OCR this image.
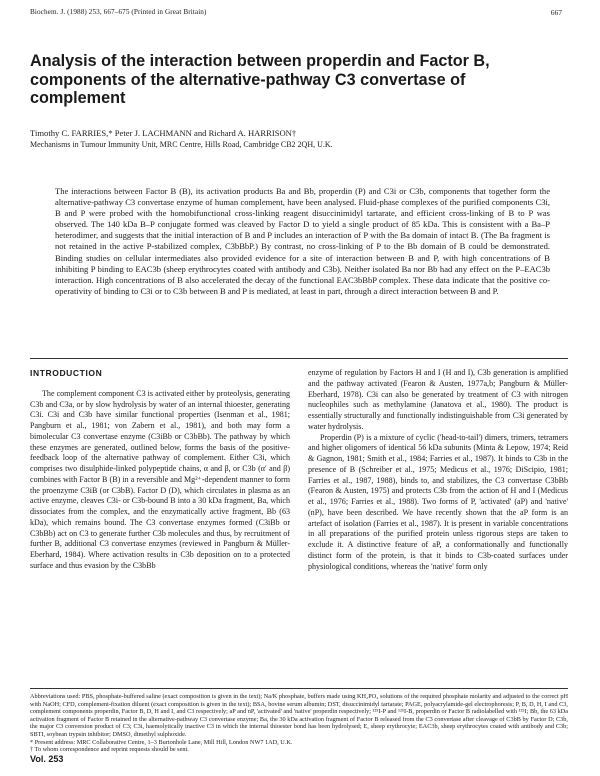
Biochem. J. (1988) 253, 667–675 (Printed in Great Britain)	667
Analysis of the interaction between properdin and Factor B, components of the alternative-pathway C3 convertase of complement
Timothy C. FARRIES,* Peter J. LACHMANN and Richard A. HARRISON†
Mechanisms in Tumour Immunity Unit, MRC Centre, Hills Road, Cambridge CB2 2QH, U.K.

The interactions between Factor B (B), its activation products Ba and Bb, properdin (P) and C3i or C3b, components that together form the alternative-pathway C3 convertase enzyme of human complement, have been analysed. Fluid-phase complexes of the purified components C3i, B and P were probed with the homobifunctional cross-linking reagent disuccinimidyl tartarate, and efficient cross-linking of B to P was observed. The 140 kDa B–P conjugate formed was cleaved by Factor D to yield a single product of 85 kDa. This is consistent with a Ba–P heterodimer, and suggests that the initial interaction of B and P includes an interaction of P with the Ba domain of intact B. (The Ba fragment is not retained in the active P-stabilized complex, C3bBbP.) By contrast, no cross-linking of P to the Bb domain of B could be demonstrated. Binding studies on cellular intermediates also provided evidence for a site of interaction between B and P, with high concentrations of B inhibiting P binding to EAC3b (sheep erythrocytes coated with antibody and C3b). Neither isolated Ba nor Bb had any effect on the P–EAC3b interaction. High concentrations of B also accelerated the decay of the functional EAC3bBbP complex. These data indicate that the positive co-operativity of binding to C3i or to C3b between B and P is mediated, at least in part, through a direct interaction between B and P.

INTRODUCTION

The complement component C3 is activated either by proteolysis, generating C3b and C3a, or by slow hydrolysis by water of an internal thioester, generating C3i. C3i and C3b have similar functional properties (Isenman et al., 1981; Pangburn et al., 1981; von Zabern et al., 1981), and both may form a bimolecular C3 convertase enzyme (C3iBb or C3bBb). The pathway by which these enzymes are generated, outlined below, forms the basis of the positive-feedback loop of the alternative pathway of complement. Either C3i, which comprises two disulphide-linked polypeptide chains, α and β, or C3b (α′ and β) combines with Factor B (B) in a reversible and Mg²⁺-dependent manner to form the proenzyme C3iB (or C3bB). Factor D (D), which circulates in plasma as an active enzyme, cleaves C3i- or C3b-bound B into a 30 kDa fragment, Ba, which dissociates from the complex, and the enzymatically active fragment, Bb (63 kDa), which remains bound. The C3 convertase enzymes formed (C3iBb or C3bBb) act on C3 to generate further C3b molecules and thus, by recruitment of further B, additional C3 convertase enzymes (reviewed in Pangburn & Müller-Eberhard, 1984). Where activation results in C3b deposition on to a protected surface and thus evasion by the C3bBb

enzyme of regulation by Factors H and I (H and I), C3b generation is amplified and the pathway activated (Fearon & Austen, 1977a,b; Pangburn & Müller-Eberhard, 1978). C3i can also be generated by treatment of C3 with nitrogen nucleophiles such as methylamine (Janatova et al., 1980). The product is essentially structurally and functionally indistinguishable from C3i generated by water hydrolysis.

Properdin (P) is a mixture of cyclic ('head-to-tail') dimers, trimers, tetramers and higher oligomers of identical 56 kDa subunits (Minta & Lepow, 1974; Reid & Gagnon, 1981; Smith et al., 1984; Farries et al., 1987). It binds to C3b in the presence of B (Schreiber et al., 1975; Medicus et al., 1976; DiScipio, 1981; Farries et al., 1987, 1988), binds to, and stabilizes, the C3 convertase C3bBb (Fearon & Austen, 1975) and protects C3b from the action of H and I (Medicus et al., 1976; Farries et al., 1988). Two forms of P, 'activated' (aP) and 'native' (nP), have been described. We have recently shown that the aP form is an artefact of isolation (Farries et al., 1987). It is present in variable concentrations in all preparations of the purified protein unless rigorous steps are taken to exclude it. A distinctive feature of aP, a conformationally and functionally distinct form of the protein, is that it binds to C3b-coated surfaces under physiological conditions, whereas the 'native' form only

Abbreviations used: PBS, phosphate-buffered saline (exact composition is given in the text); Na/K phosphate, buffers made using KH₂PO₄ solutions of the required phosphate molarity and adjusted to the correct pH with NaOH; CFD, complement-fixation diluent (exact composition is given in the text); BSA, bovine serum albumin; DST, disuccinimidyl tartarate; PAGE, polyacrylamide-gel electrophoresis; P, B, D, H, I and C3, complement components properdin, Factor B, D, H and I, and C3 respectively; aP and nP, 'activated' and 'native' properdin respectively; ¹²⁵I-P and ¹²⁵I-B, properdin or Factor B radiolabelled with ¹²⁵I; Bb, the 63 kDa activation fragment of Factor B retained in the alternative-pathway C3 convertase enzyme; Ba, the 30 kDa activation fragment of Factor B released from the C3 convertase after cleavage of C3bB by Factor D; C3b, the major C3 conversion product of C3; C3i, haemolytically inactive C3 in which the internal thioester bond has been hydrolysed; E, sheep erythrocyte; EAC3b, sheep erythrocytes coated with antibody and C3b; SBTI, soybean trypsin inhibitor; DMSO, dimethyl sulphoxide.

* Present address: MRC Collaborative Centre, 1–3 Burtonhole Lane, Mill Hill, London NW7 1AD, U.K.

† To whom correspondence and reprint requests should be sent.

Vol. 253
